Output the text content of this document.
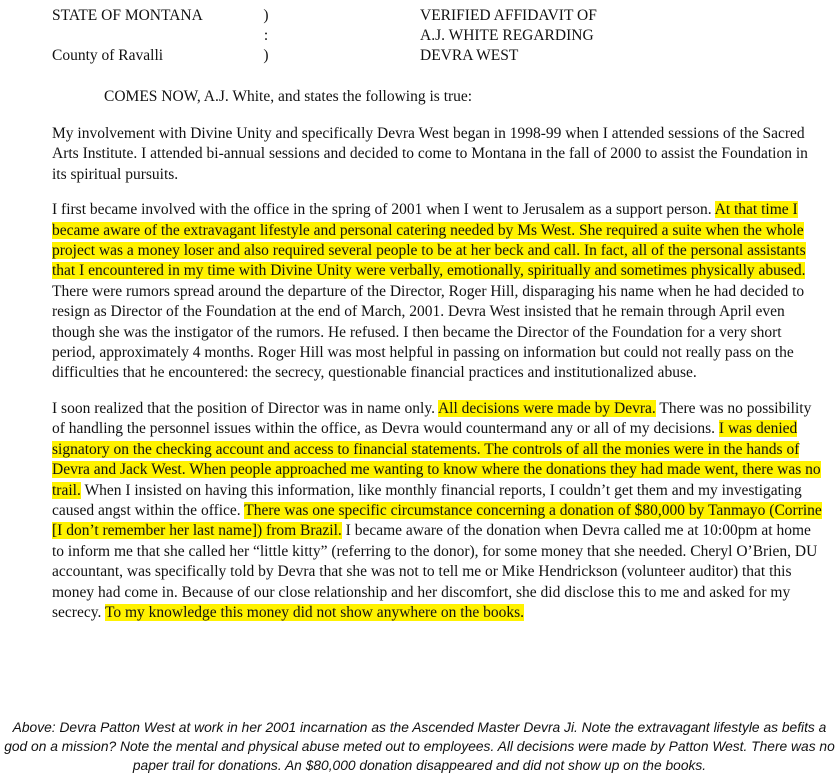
STATE OF MONTANA
County of Ravalli
)
:
)
VERIFIED AFFIDAVIT OF
A.J. WHITE REGARDING
DEVRA WEST
COMES NOW, A.J. White, and states the following is true:

My involvement with Divine Unity and specifically Devra West began in 1998-99 when I attended sessions of the Sacred Arts Institute. I attended bi-annual sessions and decided to come to Montana in the fall of 2000 to assist the Foundation in its spiritual pursuits.

I first became involved with the office in the spring of 2001 when I went to Jerusalem as a support person. At that time I became aware of the extravagant lifestyle and personal catering needed by Ms West. She required a suite when the whole project was a money loser and also required several people to be at her beck and call. In fact, all of the personal assistants that I encountered in my time with Divine Unity were verbally, emotionally, spiritually and sometimes physically abused. There were rumors spread around the departure of the Director, Roger Hill, disparaging his name when he had decided to resign as Director of the Foundation at the end of March, 2001. Devra West insisted that he remain through April even though she was the instigator of the rumors. He refused. I then became the Director of the Foundation for a very short period, approximately 4 months. Roger Hill was most helpful in passing on information but could not really pass on the difficulties that he encountered: the secrecy, questionable financial practices and institutionalized abuse.

I soon realized that the position of Director was in name only. All decisions were made by Devra. There was no possibility of handling the personnel issues within the office, as Devra would countermand any or all of my decisions. I was denied signatory on the checking account and access to financial statements. The controls of all the monies were in the hands of Devra and Jack West. When people approached me wanting to know where the donations they had made went, there was no trail. When I insisted on having this information, like monthly financial reports, I couldn’t get them and my investigating caused angst within the office. There was one specific circumstance concerning a donation of $80,000 by Tanmayo (Corrine [I don’t remember her last name]) from Brazil. I became aware of the donation when Devra called me at 10:00pm at home to inform me that she called her “little kitty” (referring to the donor), for some money that she needed. Cheryl O’Brien, DU accountant, was specifically told by Devra that she was not to tell me or Mike Hendrickson (volunteer auditor) that this money had come in. Because of our close relationship and her discomfort, she did disclose this to me and asked for my secrecy. To my knowledge this money did not show anywhere on the books.

Above: Devra Patton West at work in her 2001 incarnation as the Ascended Master Devra Ji. Note the extravagant lifestyle as befits a god on a mission? Note the mental and physical abuse meted out to employees. All decisions were made by Patton West. There was no paper trail for donations. An $80,000 donation disappeared and did not show up on the books.
